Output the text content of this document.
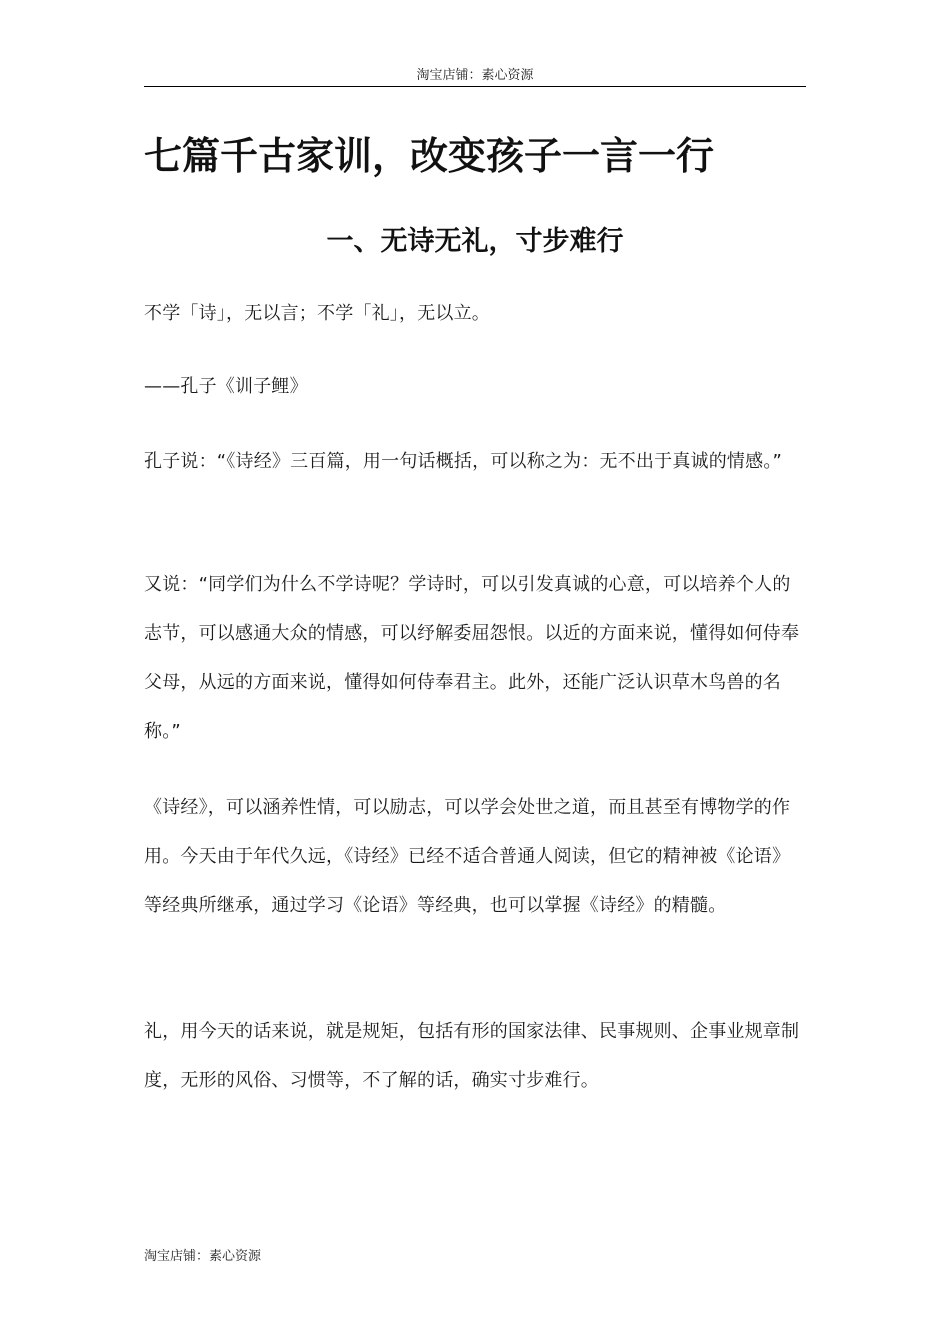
淘宝店铺：素心资源
七篇千古家训，改变孩子一言一行
一、无诗无礼，寸步难行

不学「诗」，无以言；不学「礼」，无以立。

——孔子《训子鲤》

孔子说：“《诗经》三百篇，用一句话概括，可以称之为：无不出于真诚的情感。”

又说：“同学们为什么不学诗呢？学诗时，可以引发真诚的心意，可以培养个人的志节，可以感通大众的情感，可以纾解委屈怨恨。以近的方面来说，懂得如何侍奉父母，从远的方面来说，懂得如何侍奉君主。此外，还能广泛认识草木鸟兽的名称。”

《诗经》，可以涵养性情，可以励志，可以学会处世之道，而且甚至有博物学的作用。今天由于年代久远，《诗经》已经不适合普通人阅读，但它的精神被《论语》等经典所继承，通过学习《论语》等经典，也可以掌握《诗经》的精髓。

礼，用今天的话来说，就是规矩，包括有形的国家法律、民事规则、企事业规章制度，无形的风俗、习惯等，不了解的话，确实寸步难行。

淘宝店铺：素心资源
